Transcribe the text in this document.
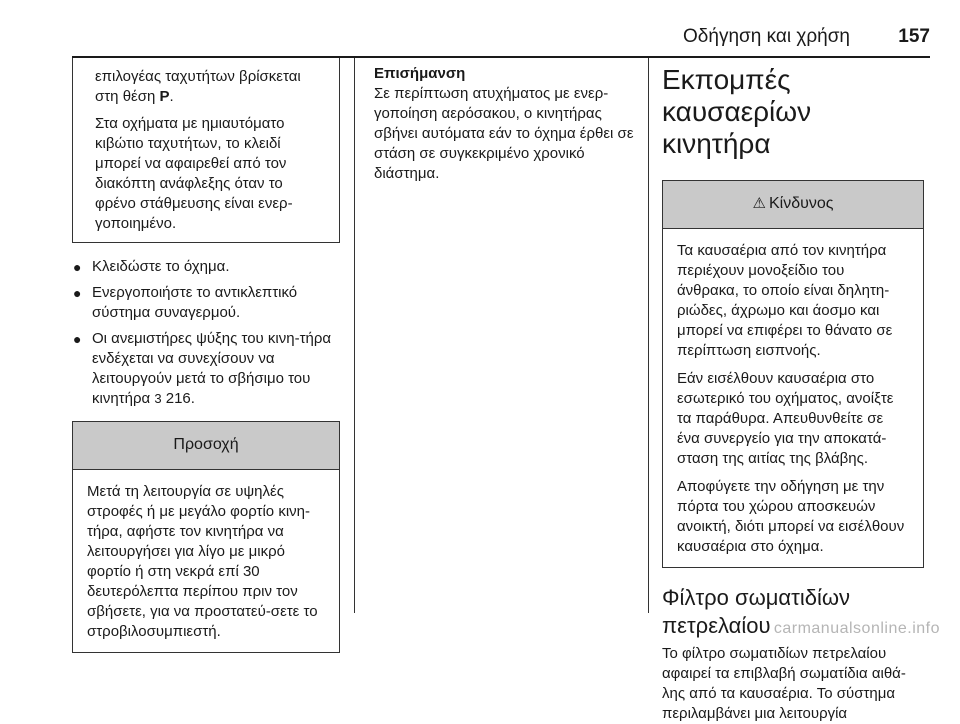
Οδήγηση και χρήση	157

επιλογέας ταχυτήτων βρίσκεται στη θέση P.

Στα οχήματα με ημιαυτόματο κιβώτιο ταχυτήτων, το κλειδί μπορεί να αφαιρεθεί από τον διακόπτη ανάφλεξης όταν το φρένο στάθμευσης είναι ενερ‐γοποιημένο.

● Κλειδώστε το όχημα.
● Ενεργοποιήστε το αντικλεπτικό σύστημα συναγερμού.
● Οι ανεμιστήρες ψύξης του κινη‐τήρα ενδέχεται να συνεχίσουν να λειτουργούν μετά το σβήσιμο του κινητήρα 3 216.
Προσοχή

Μετά τη λειτουργία σε υψηλές στροφές ή με μεγάλο φορτίο κινη‐τήρα, αφήστε τον κινητήρα να λειτουργήσει για λίγο με μικρό φορτίο ή στη νεκρά επί 30 δευτερόλεπτα περίπου πριν τον σβήσετε, για να προστατεύ‐σετε το στροβιλοσυμπιεστή.

Επισήμανση
Σε περίπτωση ατυχήματος με ενερ‐γοποίηση αερόσακου, ο κινητήρας σβήνει αυτόματα εάν το όχημα έρθει σε στάση σε συγκεκριμένο χρονικό διάστημα.
Εκπομπές καυσαερίων κινητήρα
⚠ Κίνδυνος

Τα καυσαέρια από τον κινητήρα περιέχουν μονοξείδιο του άνθρακα, το οποίο είναι δηλητη‐ριώδες, άχρωμο και άοσμο και μπορεί να επιφέρει το θάνατο σε περίπτωση εισπνοής.

Εάν εισέλθουν καυσαέρια στο εσωτερικό του οχήματος, ανοίξτε τα παράθυρα. Απευθυνθείτε σε ένα συνεργείο για την αποκατά‐σταση της αιτίας της βλάβης.

Αποφύγετε την οδήγηση με την πόρτα του χώρου αποσκευών ανοικτή, διότι μπορεί να εισέλθουν καυσαέρια στο όχημα.

Φίλτρο σωματιδίων πετρελαίου
Το φίλτρο σωματιδίων πετρελαίου αφαιρεί τα επιβλαβή σωματίδια αιθά‐λης από τα καυσαέρια. Το σύστημα περιλαμβάνει μια λειτουργία
carmanualsonline.info
